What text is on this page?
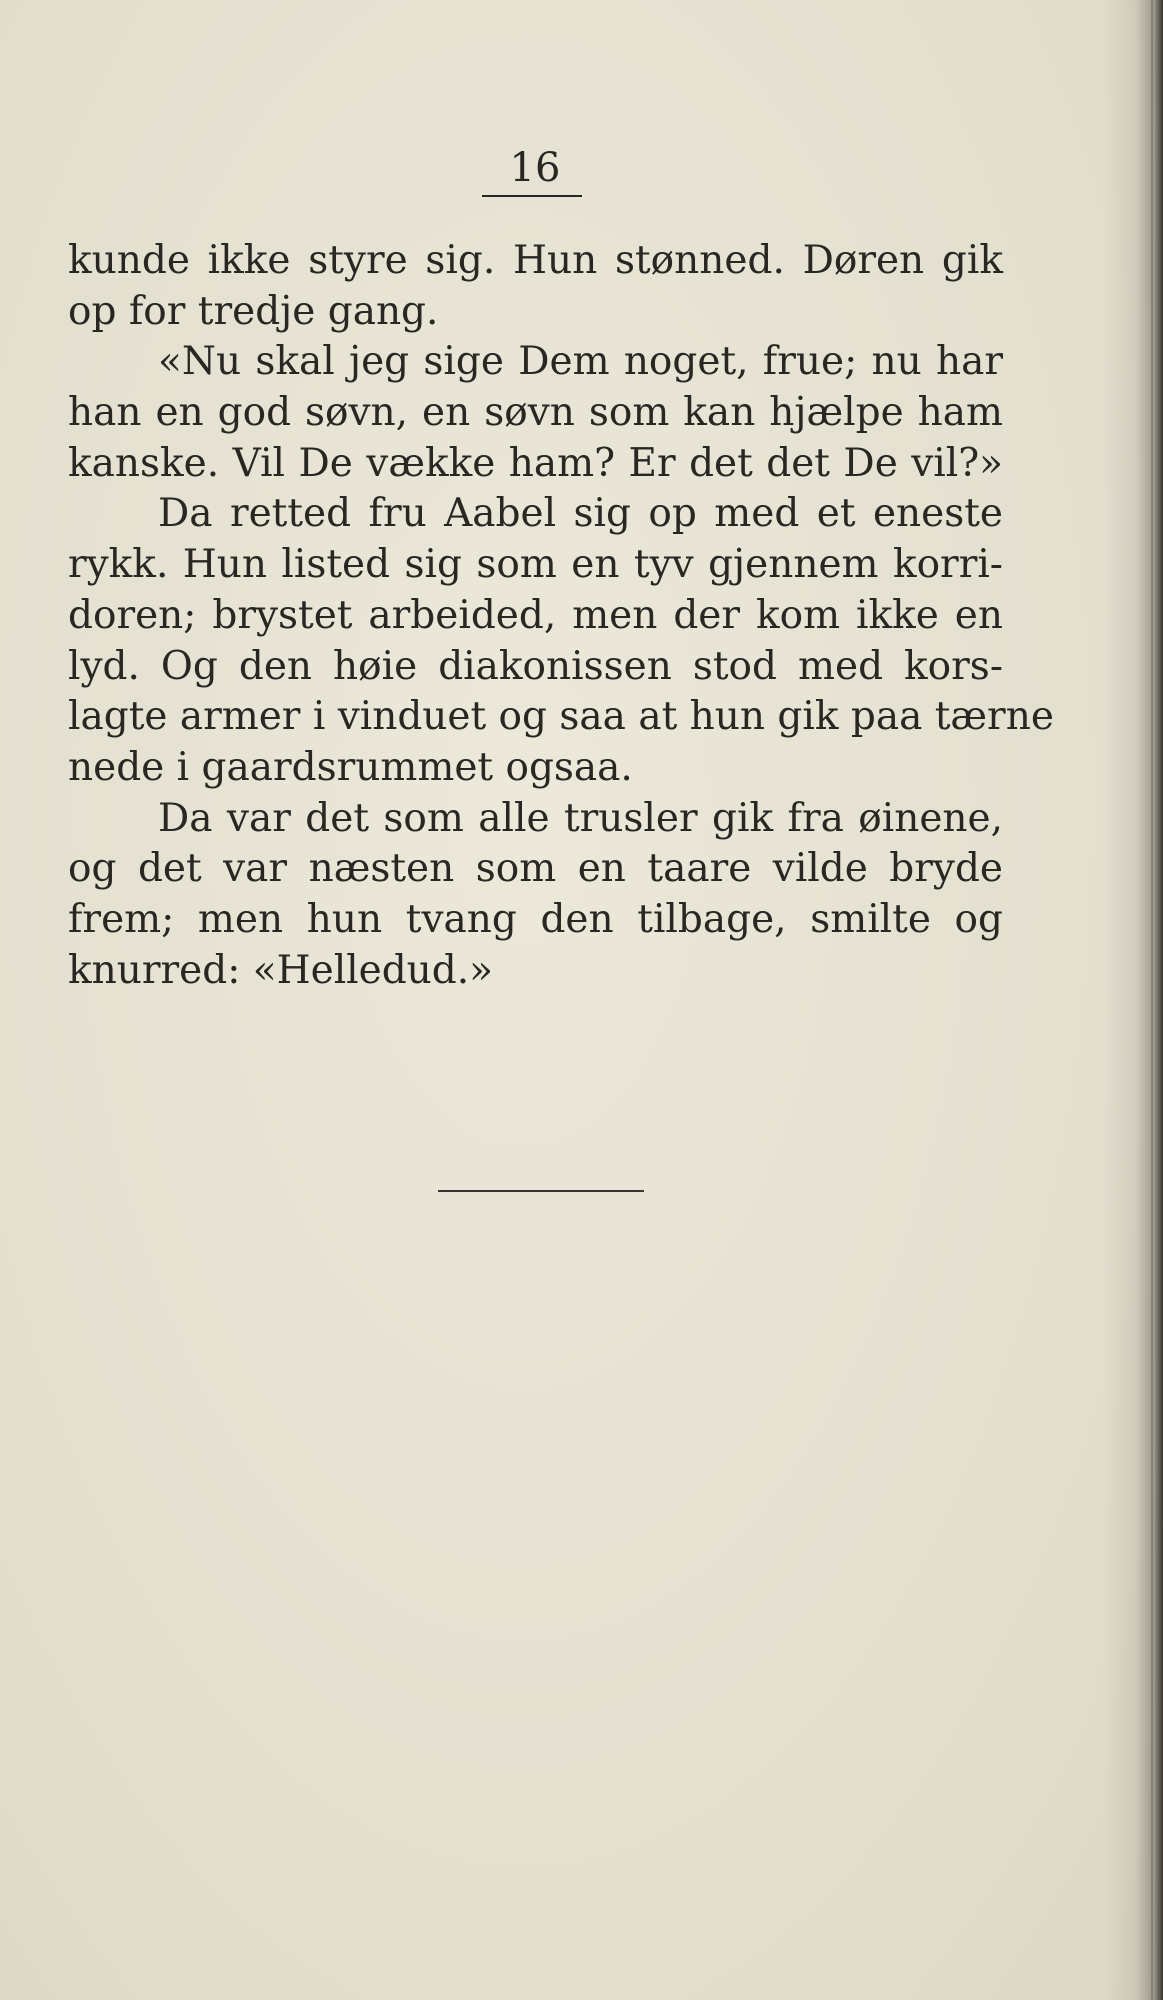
16
kunde ikke styre sig. Hun stønned. Døren gik
op for tredje gang.
«Nu skal jeg sige Dem noget, frue; nu har
han en god søvn, en søvn som kan hjælpe ham
kanske. Vil De vække ham? Er det det De vil?»
Da retted fru Aabel sig op med et eneste
rykk. Hun listed sig som en tyv gjennem korri-
doren; brystet arbeided, men der kom ikke en
lyd. Og den høie diakonissen stod med kors-
lagte armer i vinduet og saa at hun gik paa tærne
nede i gaardsrummet ogsaa.
Da var det som alle trusler gik fra øinene,
og det var næsten som en taare vilde bryde
frem; men hun tvang den tilbage, smilte og
knurred: «Helledud.»
